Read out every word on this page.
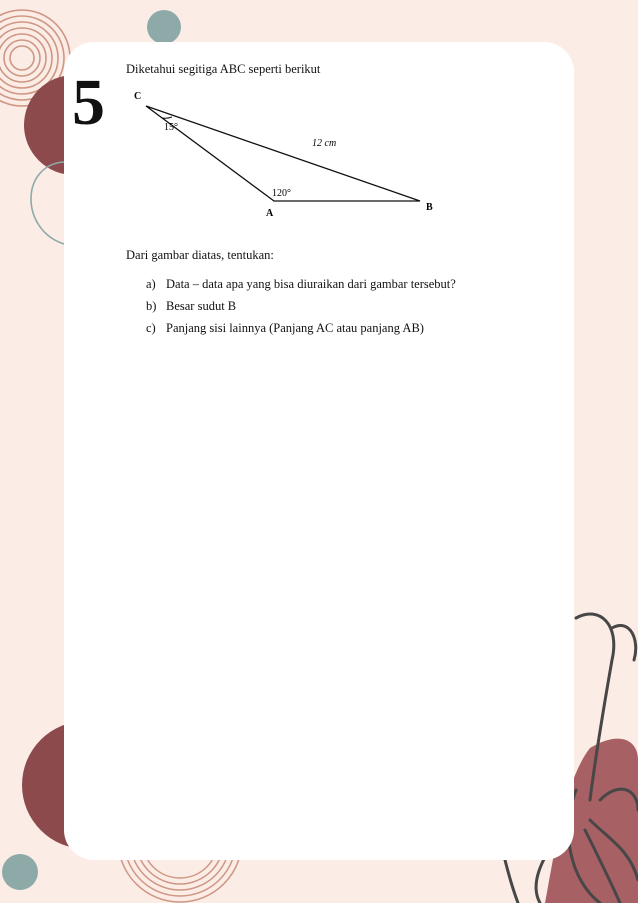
5 Diketahui segitiga ABC seperti berikut
C
A
B
15°
120°
12 cm
Dari gambar diatas, tentukan:
a) Data – data apa yang bisa diuraikan dari gambar tersebut?
b) Besar sudut B
c) Panjang sisi lainnya (Panjang AC atau panjang AB)
